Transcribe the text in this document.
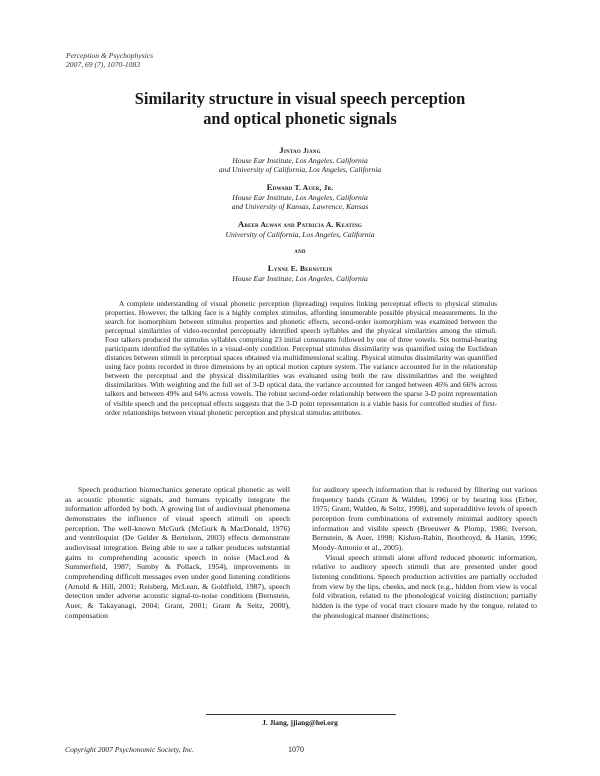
Perception & Psychophysics
2007, 69 (7), 1070-1083
Similarity structure in visual speech perception
and optical phonetic signals
Jintao Jiang
House Ear Institute, Los Angeles, California
and University of California, Los Angeles, California
Edward T. Auer, Jr.
House Ear Institute, Los Angeles, California
and University of Kansas, Lawrence, Kansas
Abeer Alwan and Patricia A. Keating
University of California, Los Angeles, California
and
Lynne E. Bernstein
House Ear Institute, Los Angeles, California

A complete understanding of visual phonetic perception (lipreading) requires linking perceptual effects to physical stimulus properties. However, the talking face is a highly complex stimulus, affording innumerable possible physical measurements. In the search for isomorphism between stimulus properties and phonetic effects, second-order isomorphism was examined between the perceptual similarities of video-recorded perceptually identified speech syllables and the physical similarities among the stimuli. Four talkers produced the stimulus syllables comprising 23 initial consonants followed by one of three vowels. Six normal-hearing participants identified the syllables in a visual-only condition. Perceptual stimulus dissimilarity was quantified using the Euclidean distances between stimuli in perceptual spaces obtained via multidimensional scaling. Physical stimulus dissimilarity was quantified using face points recorded in three dimensions by an optical motion capture system. The variance accounted for in the relationship between the perceptual and the physical dissimilarities was evaluated using both the raw dissimilarities and the weighted dissimilarities. With weighting and the full set of 3-D optical data, the variance accounted for ranged between 46% and 66% across talkers and between 49% and 64% across vowels. The robust second-order relationship between the sparse 3-D point representation of visible speech and the perceptual effects suggests that the 3-D point representation is a viable basis for controlled studies of first-order relationships between visual phonetic perception and physical stimulus attributes.

Speech production biomechanics generate optical phonetic as well as acoustic phonetic signals, and humans typically integrate the information afforded by both. A growing list of audiovisual phenomena demonstrates the influence of visual speech stimuli on speech perception. The well-known McGurk (McGurk & MacDonald, 1976) and ventriloquist (De Gelder & Bertelson, 2003) effects demonstrate audiovisual integration. Being able to see a talker produces substantial gains to comprehending acoustic speech in noise (MacLeod & Summerfield, 1987; Sumby & Pollack, 1954), improvements in comprehending difficult messages even under good listening conditions (Arnold & Hill, 2001; Reisberg, McLean, & Goldfield, 1987), speech detection under adverse acoustic signal-to-noise conditions (Bernstein, Auer, & Takayanagi, 2004; Grant, 2001; Grant & Seitz, 2000), compensation

for auditory speech information that is reduced by filtering out various frequency bands (Grant & Walden, 1996) or by hearing loss (Erber, 1975; Grant, Walden, & Seitz, 1998), and superadditive levels of speech perception from combinations of extremely minimal auditory speech information and visible speech (Breeuwer & Plomp, 1986; Iverson, Bernstein, & Auer, 1998; Kishon-Rabin, Boothroyd, & Hanin, 1996; Moody-Antonio et al., 2005).

Visual speech stimuli alone afford reduced phonetic information, relative to auditory speech stimuli that are presented under good listening conditions. Speech production activities are partially occluded from view by the lips, cheeks, and neck (e.g., hidden from view is vocal fold vibration, related to the phonological voicing distinction; partially hidden is the type of vocal tract closure made by the tongue, related to the phonological manner distinctions;

J. Jiang, jjiang@hei.org
Copyright 2007 Psychonomic Society, Inc.	1070
